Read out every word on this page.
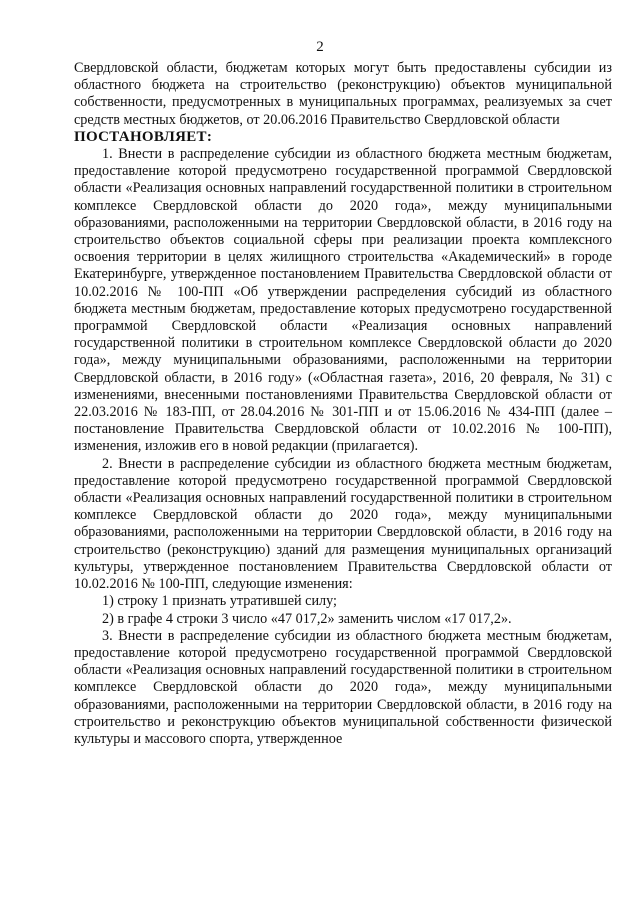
2

Свердловской области, бюджетам которых могут быть предоставлены субсидии из областного бюджета на строительство (реконструкцию) объектов муниципальной собственности, предусмотренных в муниципальных программах, реализуемых за счет средств местных бюджетов, от 20.06.2016 Правительство Свердловской области

ПОСТАНОВЛЯЕТ:

1. Внести в распределение субсидии из областного бюджета местным бюджетам, предоставление которой предусмотрено государственной программой Свердловской области «Реализация основных направлений государственной политики в строительном комплексе Свердловской области до 2020 года», между муниципальными образованиями, расположенными на территории Свердловской области, в 2016 году на строительство объектов социальной сферы при реализации проекта комплексного освоения территории в целях жилищного строительства «Академический» в городе Екатеринбурге, утвержденное постановлением Правительства Свердловской области от 10.02.2016 № 100-ПП «Об утверждении распределения субсидий из областного бюджета местным бюджетам, предоставление которых предусмотрено государственной программой Свердловской области «Реализация основных направлений государственной политики в строительном комплексе Свердловской области до 2020 года», между муниципальными образованиями, расположенными на территории Свердловской области, в 2016 году» («Областная газета», 2016, 20 февраля, № 31) с изменениями, внесенными постановлениями Правительства Свердловской области от 22.03.2016 № 183-ПП, от 28.04.2016 № 301-ПП и от 15.06.2016 № 434-ПП (далее – постановление Правительства Свердловской области от 10.02.2016 № 100-ПП), изменения, изложив его в новой редакции (прилагается).

2. Внести в распределение субсидии из областного бюджета местным бюджетам, предоставление которой предусмотрено государственной программой Свердловской области «Реализация основных направлений государственной политики в строительном комплексе Свердловской области до 2020 года», между муниципальными образованиями, расположенными на территории Свердловской области, в 2016 году на строительство (реконструкцию) зданий для размещения муниципальных организаций культуры, утвержденное постановлением Правительства Свердловской области от 10.02.2016 № 100-ПП, следующие изменения:

1) строку 1 признать утратившей силу;

2) в графе 4 строки 3 число «47 017,2» заменить числом «17 017,2».

3. Внести в распределение субсидии из областного бюджета местным бюджетам, предоставление которой предусмотрено государственной программой Свердловской области «Реализация основных направлений государственной политики в строительном комплексе Свердловской области до 2020 года», между муниципальными образованиями, расположенными на территории Свердловской области, в 2016 году на строительство и реконструкцию объектов муниципальной собственности физической культуры и массового спорта, утвержденное
